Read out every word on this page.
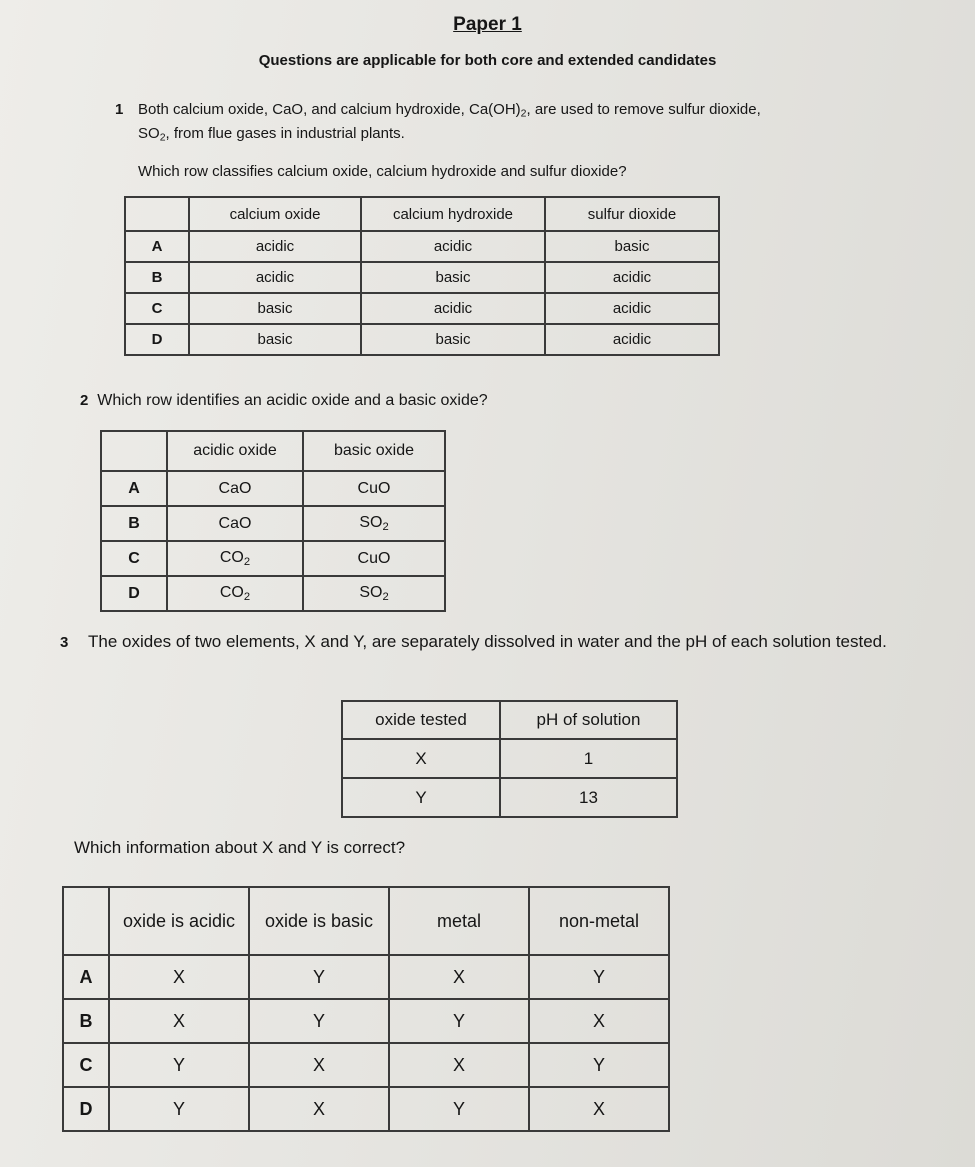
Paper 1
Questions are applicable for both core and extended candidates
1 Both calcium oxide, CaO, and calcium hydroxide, $Ca(OH)_2$, are used to remove sulfur dioxide,
$SO_2$, from flue gases in industrial plants.
Which row classifies calcium oxide, calcium hydroxide and sulfur dioxide?
	calcium oxide	calcium hydroxide	sulfur dioxide
A	acidic	acidic	basic
B	acidic	basic	acidic
C	basic	acidic	acidic
D	basic	basic	acidic
2 Which row identifies an acidic oxide and a basic oxide?
	acidic oxide	basic oxide
A	CaO	CuO
B	CaO	$SO_2$
C	$CO_2$	CuO
D	$CO_2$	$SO_2$
3 The oxides of two elements, X and Y, are separately dissolved in water and the pH of each solution tested.
oxide tested	pH of solution
X	1
Y	13
Which information about X and Y is correct?
	oxide is acidic	oxide is basic	metal	non-metal
A	X	Y	X	Y
B	X	Y	Y	X
C	Y	X	X	Y
D	Y	X	Y	X
